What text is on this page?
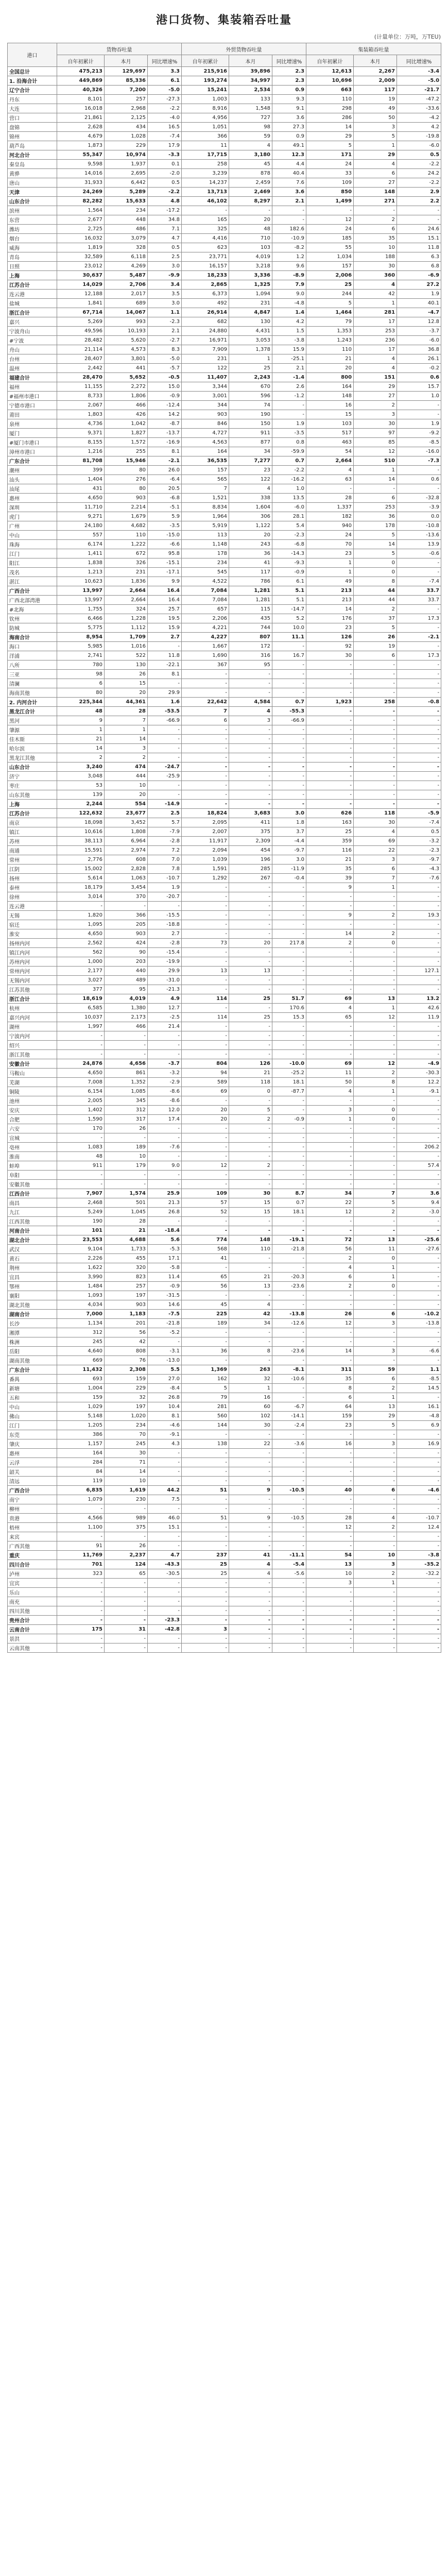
港口货物、集装箱吞吐量
(计量单位：万吨，万TEU)
港口	货物吞吐量			外贸货物吞吐量			集装箱吞吐量		
	自年初累计	本月	同比增速%	自年初累计	本月	同比增速%	自年初累计	本月	同比增速%
全国总计	475,213	129,697	3.3	215,916	39,896	2.3	12,613	2,267	-3.4
1. 沿海合计	449,869	85,336	6.1	193,274	34,997	2.3	10,696	2,009	-5.0
辽宁合计	40,326	7,200	-5.0	15,241	2,534	0.9	663	117	-21.7
丹东	8,101	257	-27.3	1,003	133	9.3	110	19	-47.2
大连	16,018	2,968	-2.2	8,916	1,548	9.1	298	49	-33.6
营口	21,861	2,125	-4.0	4,956	727	3.6	286	50	-4.2
盘锦	2,628	434	16.5	1,051	98	27.3	14	3	4.2
锦州	4,679	1,028	-7.4	366	59	0.9	29	5	-19.8
葫芦岛	1,873	229	17.9	11	4	49.1	5	1	-6.0
河北合计	55,347	10,974	-3.3	17,715	3,180	12.3	171	29	0.5
秦皇岛	9,598	1,937	0.1	258	45	4.4	24	4	-2.2
黄骅	14,016	2,695	-2.0	3,239	878	40.4	33	6	24.2
唐山	31,933	6,442	0.5	14,237	2,459	7.6	109	27	-2.2
天津	24,269	5,289	-2.2	13,713	2,469	3.6	850	148	2.9
山东合计	82,282	15,633	4.8	46,102	8,297	2.1	1,499	271	2.2
滨州	1,564	234	-17.2	-	-	-	-	-	-
东营	2,677	448	34.8	165	20	-	12	2	-
潍坊	2,725	486	7.1	325	48	182.6	24	6	24.6
烟台	16,032	3,079	4.7	4,416	710	-10.9	185	35	15.1
威海	1,819	328	0.5	623	103	-8.2	55	10	11.8
青岛	32,589	6,118	2.5	23,771	4,019	1.2	1,034	188	6.3
日照	23,012	4,269	3.0	16,157	3,218	9.6	157	30	6.8
上海	30,637	5,487	-9.9	18,233	3,336	-8.9	2,006	360	-6.9
江苏合计	14,029	2,706	3.4	2,865	1,325	7.9	25	4	27.2
连云港	12,188	2,017	3.5	6,373	1,094	9.0	244	42	1.9
盐城	1,841	689	3.0	492	231	-4.8	5	1	40.1
浙江合计	67,714	14,067	1.1	26,914	4,847	1.4	1,464	281	-4.7
嘉兴	5,269	993	-2.3	682	130	4.2	79	17	12.8
宁波舟山	49,596	10,193	2.1	24,880	4,431	1.5	1,353	253	-3.7
#宁波	28,482	5,620	-2.7	16,971	3,053	-3.8	1,243	236	-6.0
舟山	21,114	4,573	8.3	7,909	1,378	15.9	110	17	36.8
台州	28,407	3,801	-5.0	231	1	-25.1	21	4	26.1
温州	2,442	441	-5.7	122	25	2.1	20	4	-0.2
福建合计	28,470	5,652	-0.5	11,407	2,243	-1.4	800	151	0.6
福州	11,155	2,272	15.0	3,344	670	2.6	164	29	15.7
#福州市港口	8,733	1,806	-0.9	3,001	596	-1.2	148	27	1.0
宁德市港口	2,067	466	-12.4	344	74	-	16	2	-
莆田	1,803	426	14.2	903	190	-	15	3	-
泉州	4,736	1,042	-8.7	846	150	1.9	103	30	1.9
厦门	9,371	1,827	-13.7	4,727	911	-3.5	517	97	-9.2
#厦门市港口	8,155	1,572	-16.9	4,563	877	0.8	463	85	-8.5
漳州市港口	1,216	255	8.1	164	34	-59.9	54	12	-16.0
广东合计	81,708	15,946	-2.1	36,535	7,277	0.7	2,664	510	-7.3
潮州	399	80	26.0	157	23	-2.2	4	1	-
汕头	1,404	276	-6.4	565	122	-16.2	63	14	0.6
汕尾	431	80	20.5	7	4	1.0	-	-	-
惠州	4,650	903	-6.8	1,521	338	13.5	28	6	-32.8
深圳	11,710	2,214	-5.1	8,834	1,604	-6.0	1,337	253	-3.9
虎门	9,271	1,679	5.9	1,964	306	28.1	182	36	0.0
广州	24,180	4,682	-3.5	5,919	1,122	5.4	940	178	-10.8
中山	557	110	-15.0	113	20	-2.3	24	5	-13.6
珠海	6,174	1,222	-6.6	1,148	243	-6.8	70	14	13.9
江门	1,411	672	95.8	178	36	-14.3	23	5	-0.6
阳江	1,838	326	-15.1	234	41	-9.3	1	0	-
茂名	1,213	231	-17.1	545	117	-0.9	1	0	-
湛江	10,623	1,836	9.9	4,522	786	6.1	49	8	-7.4
广西合计	13,997	2,664	16.4	7,084	1,281	5.1	213	44	33.7
广西北部湾港	13,997	2,664	16.4	7,084	1,281	5.1	213	44	33.7
#北海	1,755	324	25.7	657	115	-14.7	14	2	-
钦州	6,466	1,228	19.5	2,206	435	5.2	176	37	17.3
防城	5,775	1,112	15.9	4,221	744	10.0	23	5	-
海南合计	8,954	1,709	2.7	4,227	807	11.1	126	26	-2.1
海口	5,985	1,016	-	1,667	172	-	92	19	-
洋浦	2,741	522	11.8	1,690	316	16.7	30	6	17.3
八所	780	130	-22.1	367	95	-	-	-	-
三亚	98	26	8.1	-	-	-	-	-	-
清澜	6	15	-	-	-	-	-	-	-
海南其他	80	20	29.9	-	-	-	-	-	-
2. 内河合计	225,344	44,361	1.6	22,642	4,584	0.7	1,923	258	-0.8
黑龙江合计	48	28	-53.5	7	4	-55.3	-	-	-
黑河	9	7	-66.9	6	3	-66.9	-	-	-
肇源	1	1	-	-	-	-	-	-	-
佳木斯	21	14	-	-	-	-	-	-	-
哈尔滨	14	3	-	-	-	-	-	-	-
黑龙江其他	2	2	-	-	-	-	-	-	-
山东合计	3,240	474	-24.7	-	-	-	-	-	-
济宁	3,048	444	-25.9	-	-	-	-	-	-
枣庄	53	10	-	-	-	-	-	-	-
山东其他	139	20	-	-	-	-	-	-	-
上海	2,244	554	-14.9	-	-	-	-	-	-
江苏合计	122,632	23,677	2.5	18,824	3,683	3.0	626	118	-5.9
南京	18,098	3,452	5.7	2,095	411	1.8	163	30	-7.4
镇江	10,616	1,808	-7.9	2,007	375	3.7	25	4	0.5
苏州	38,113	6,964	-2.8	11,917	2,309	-4.4	359	69	-3.2
南通	15,591	2,974	7.2	2,094	454	-9.7	116	22	-2.3
常州	2,776	608	7.0	1,039	196	3.0	21	3	-9.7
江阴	15,002	2,828	7.8	1,591	285	-11.9	35	6	-4.3
扬州	5,614	1,063	-10.7	1,292	267	-0.4	39	7	-7.6
泰州	18,179	3,454	1.9	-	-	-	9	1	-
徐州	3,014	370	-20.7	-	-	-	-	-	-
连云港	-	-	-	-	-	-	-	-	-
无锡	1,820	366	-15.5	-	-	-	9	2	19.3
宿迁	1,095	205	-18.8	-	-	-	-	-	-
淮安	4,650	903	2.7	-	-	-	14	2	-
扬州内河	2,562	424	-2.8	73	20	217.8	2	0	-
镇江内河	562	90	-15.4	-	-	-	-	-	-
苏州内河	1,000	203	-19.9	-	-	-	-	-	-
常州内河	2,177	440	29.9	13	13	-	-	-	127.1
无锡内河	3,027	489	-31.0	-	-	-	-	-	-
江苏其他	377	95	-21.3	-	-	-	-	-	-
浙江合计	18,619	4,019	4.9	114	25	51.7	69	13	13.2
杭州	6,585	1,380	12.7	-	-	170.6	4	1	42.6
嘉兴内河	10,037	2,173	-2.5	114	25	15.3	65	12	11.9
湖州	1,997	466	21.4	-	-	-	-	-	-
宁波内河	-	-	-	-	-	-	-	-	-
绍兴	-	-	-	-	-	-	-	-	-
浙江其他	-	-	-	-	-	-	-	-	-
安徽合计	24,876	4,656	-3.7	804	126	-10.0	69	12	-4.9
马鞍山	4,650	861	-3.2	94	21	-25.2	11	2	-30.3
芜湖	7,008	1,352	-2.9	589	118	18.1	50	8	12.2
铜陵	6,154	1,085	-8.6	69	0	-87.7	4	1	-9.1
池州	2,005	345	-8.6	-	-	-	-	-	-
安庆	1,402	312	12.0	20	5	-	3	0	-
合肥	1,590	317	17.4	20	2	-0.9	1	0	-
六安	170	26	-	-	-	-	-	-	-
宣城	-	-	-	-	-	-	-	-	-
亳州	1,083	189	-7.6	-	-	-	-	-	206.2
淮南	48	10	-	-	-	-	-	-	-
蚌埠	911	179	9.0	12	2	-	-	-	57.4
阜阳	-	-	-	-	-	-	-	-	-
安徽其他	-	-	-	-	-	-	-	-	-
江西合计	7,907	1,574	25.9	109	30	8.7	34	7	3.6
南昌	2,468	501	21.3	57	15	0.7	22	5	9.4
九江	5,249	1,045	26.8	52	15	18.1	12	2	-3.0
江西其他	190	28	-	-	-	-	-	-	-
河南合计	101	21	-18.4	-	-	-	-	-	-
湖北合计	23,553	4,688	5.6	774	148	-19.1	72	13	-25.6
武汉	9,104	1,733	-5.3	568	110	-21.8	56	11	-27.6
黄石	2,226	455	17.1	41	-	-	2	0	-
荆州	1,622	320	-5.8	-	-	-	4	1	-
宜昌	3,990	823	11.4	65	21	-20.3	6	1	-
鄂州	1,484	257	-0.9	56	13	-23.6	2	0	-
襄阳	1,093	197	-31.5	-	-	-	-	-	-
湖北其他	4,034	903	14.6	45	4	-	-	-	-
湖南合计	7,000	1,183	-7.5	225	42	-13.8	26	6	-10.2
长沙	1,134	201	-21.8	189	34	-12.6	12	3	-13.8
湘潭	312	56	-5.2	-	-	-	-	-	-
株洲	245	42	-	-	-	-	-	-	-
岳阳	4,640	808	-3.1	36	8	-23.6	14	3	-6.6
湖南其他	669	76	-13.0	-	-	-	-	-	-
广东合计	11,432	2,308	5.5	1,369	263	-8.1	311	59	1.1
番禺	693	159	27.0	162	32	-10.6	35	6	-8.5
新塘	1,004	229	-8.4	5	1	-	8	2	14.5
五和	159	32	26.8	79	16	-	6	1	-
中山	1,029	197	10.4	281	60	-6.7	64	13	16.1
佛山	5,148	1,020	8.1	560	102	-14.1	159	29	-4.8
江门	1,205	234	-4.6	144	30	-2.4	23	5	6.9
东莞	386	70	-9.1	-	-	-	-	-	-
肇庆	1,157	245	4.3	138	22	-3.6	16	3	16.9
惠州	164	30	-	-	-	-	-	-	-
云浮	284	71	-	-	-	-	-	-	-
韶关	84	14	-	-	-	-	-	-	-
清远	119	10	-	-	-	-	-	-	-
广西合计	6,835	1,619	44.2	51	9	-10.5	40	6	-4.6
南宁	1,079	230	7.5	-	-	-	-	-	-
柳州	-	-	-	-	-	-	-	-	-
贵港	4,566	989	46.0	51	9	-10.5	28	4	-10.7
梧州	1,100	375	15.1	-	-	-	12	2	12.4
来宾	-	-	-	-	-	-	-	-	-
广西其他	91	26	-	-	-	-	-	-	-
重庆	11,769	2,237	4.7	237	41	-11.1	54	10	-3.8
四川合计	701	124	-43.3	25	4	-5.4	13	3	-35.2
泸州	323	65	-30.5	25	4	-5.6	10	2	-32.2
宜宾	-	-	-	-	-	-	3	1	-
乐山	-	-	-	-	-	-	-	-	-
南充	-	-	-	-	-	-	-	-	-
四川其他	-	-	-	-	-	-	-	-	-
贵州合计	-	-	-23.3	-	-	-	-	-	-
云南合计	175	31	-42.8	3	-	-	-	-	-
景洪	-	-	-	-	-	-	-	-	-
云南其他	-	-	-	-	-	-	-	-	-
